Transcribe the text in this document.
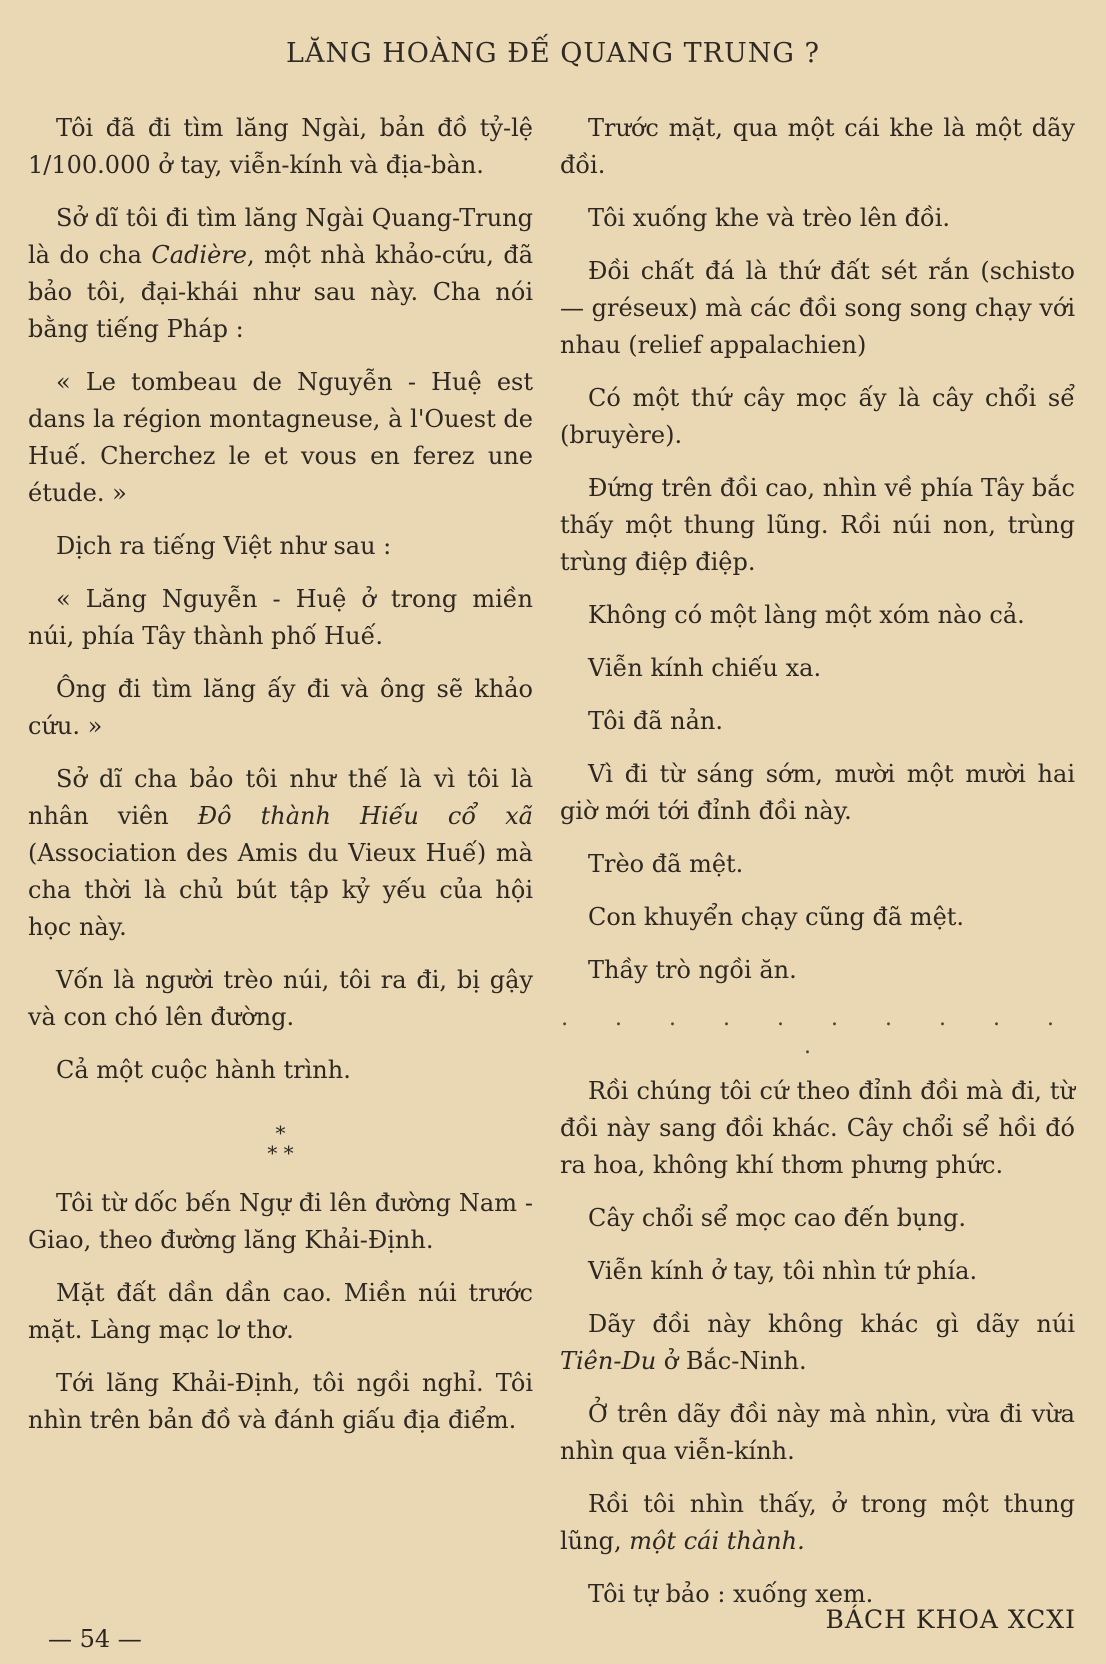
LĂNG HOÀNG ĐẾ QUANG TRUNG ?

Tôi đã đi tìm lăng Ngài, bản đồ tỷ-lệ 1/100.000 ở tay, viễn-kính và địa-bàn.

Sở dĩ tôi đi tìm lăng Ngài Quang-Trung là do cha Cadière, một nhà khảo-cứu, đã bảo tôi, đại-khái như sau này. Cha nói bằng tiếng Pháp :

« Le tombeau de Nguyễn - Huệ est dans la région montagneuse, à l'Ouest de Huế. Cherchez le et vous en ferez une étude. »

Dịch ra tiếng Việt như sau :

« Lăng Nguyễn - Huệ ở trong miền núi, phía Tây thành phố Huế.

Ông đi tìm lăng ấy đi và ông sẽ khảo cứu. »

Sở dĩ cha bảo tôi như thế là vì tôi là nhân viên Đô thành Hiếu cổ xã (Association des Amis du Vieux Huế) mà cha thời là chủ bút tập kỷ yếu của hội học này.

Vốn là người trèo núi, tôi ra đi, bị gậy và con chó lên đường.

Cả một cuộc hành trình.

*
* *

Tôi từ dốc bến Ngự đi lên đường Nam - Giao, theo đường lăng Khải-Định.

Mặt đất dần dần cao. Miền núi trước mặt. Làng mạc lơ thơ.

Tới lăng Khải-Định, tôi ngồi nghỉ. Tôi nhìn trên bản đồ và đánh giấu địa điểm.

Trước mặt, qua một cái khe là một dãy đồi.

Tôi xuống khe và trèo lên đồi.

Đồi chất đá là thứ đất sét rắn (schisto — gréseux) mà các đồi song song chạy với nhau (relief appalachien)

Có một thứ cây mọc ấy là cây chổi sể (bruyère).

Đứng trên đồi cao, nhìn về phía Tây bắc thấy một thung lũng. Rồi núi non, trùng trùng điệp điệp.

Không có một làng một xóm nào cả.

Viễn kính chiếu xa.

Tôi đã nản.

Vì đi từ sáng sớm, mười một mười hai giờ mới tới đỉnh đồi này.

Trèo đã mệt.

Con khuyển chạy cũng đã mệt.

Thầy trò ngồi ăn.

. . . . . . . . . . .

Rồi chúng tôi cứ theo đỉnh đồi mà đi, từ đồi này sang đồi khác. Cây chổi sể hồi đó ra hoa, không khí thơm phưng phức.

Cây chổi sể mọc cao đến bụng.

Viễn kính ở tay, tôi nhìn tứ phía.

Dãy đồi này không khác gì dãy núi Tiên-Du ở Bắc-Ninh.

Ở trên dãy đồi này mà nhìn, vừa đi vừa nhìn qua viễn-kính.

Rồi tôi nhìn thấy, ở trong một thung lũng, một cái thành.

Tôi tự bảo : xuống xem.

— 54 —
BÁCH KHOA XCXI
